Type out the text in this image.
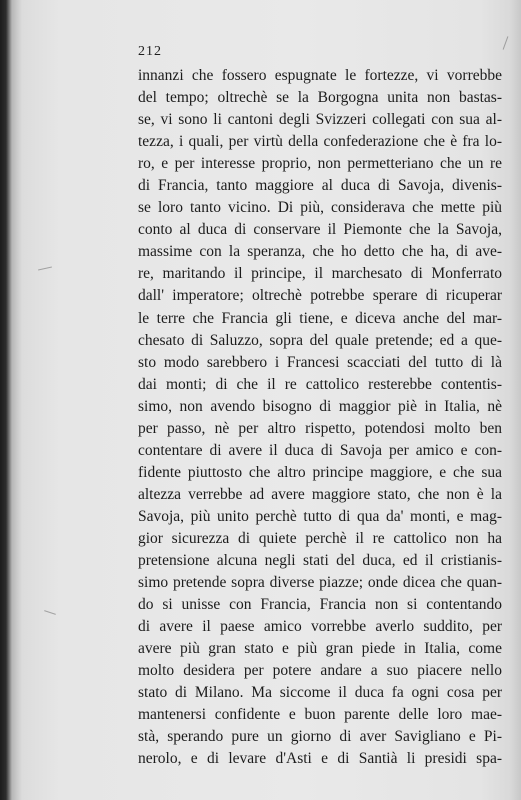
212
innanzi che fossero espugnate le fortezze, vi vorrebbe
del tempo; oltrechè se la Borgogna unita non bastas-
se, vi sono li cantoni degli Svizzeri collegati con sua al-
tezza, i quali, per virtù della confederazione che è fra lo-
ro, e per interesse proprio, non permetteriano che un re
di Francia, tanto maggiore al duca di Savoja, divenis-
se loro tanto vicino. Di più, considerava che mette più
conto al duca di conservare il Piemonte che la Savoja,
massime con la speranza, che ho detto che ha, di ave-
re, maritando il principe, il marchesato di Monferrato
dall' imperatore; oltrechè potrebbe sperare di ricuperar
le terre che Francia gli tiene, e diceva anche del mar-
chesato di Saluzzo, sopra del quale pretende; ed a que-
sto modo sarebbero i Francesi scacciati del tutto di là
dai monti; di che il re cattolico resterebbe contentis-
simo, non avendo bisogno di maggior piè in Italia, nè
per passo, nè per altro rispetto, potendosi molto ben
contentare di avere il duca di Savoja per amico e con-
fidente piuttosto che altro principe maggiore, e che sua
altezza verrebbe ad avere maggiore stato, che non è la
Savoja, più unito perchè tutto di qua da' monti, e mag-
gior sicurezza di quiete perchè il re cattolico non ha
pretensione alcuna negli stati del duca, ed il cristianis-
simo pretende sopra diverse piazze; onde dicea che quan-
do si unisse con Francia, Francia non si contentando
di avere il paese amico vorrebbe averlo suddito, per
avere più gran stato e più gran piede in Italia, come
molto desidera per potere andare a suo piacere nello
stato di Milano. Ma siccome il duca fa ogni cosa per
mantenersi confidente e buon parente delle loro mae-
stà, sperando pure un giorno di aver Savigliano e Pi-
nerolo, e di levare d'Asti e di Santià li presidi spa-
